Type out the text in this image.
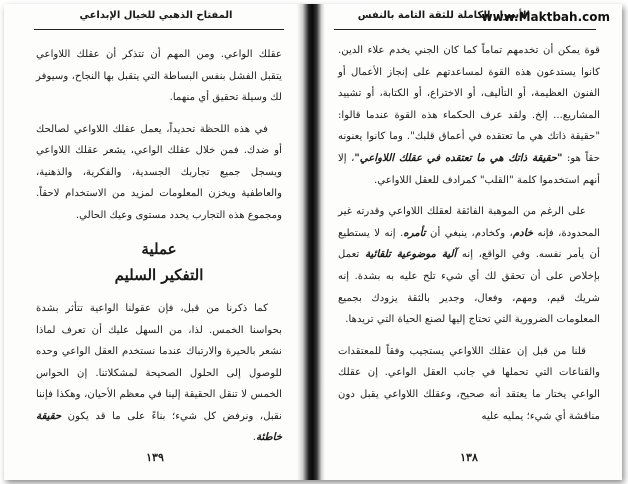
المفتاح الذهبي للخيال الإبداعي

عقلك الواعي. ومن المهم أن تتذكر أن عقلك اللاواعي يتقبل الفشل بنفس البساطة التي يتقبل بها النجاح، وسيوفر لك وسيلة تحقيق أي منهما.

في هذه اللحظة تحديداً، يعمل عقلك اللاواعي لصالحك أو ضدك. فمن خلال عقلك الواعي، يشعر عقلك اللاواعي ويسجل جميع تجاربك الجسدية، والفكرية، والذهنية، والعاطفية ويخزن المعلومات لمزيد من الاستخدام لاحقاً. ومجموع هذه التجارب يحدد مستوى وعيك الحالي.

عملية
التفكير السليم

كما ذكرنا من قبل، فإن عقولنا الواعية تتأثر بشدة بحواسنا الخمس. لذا، من السهل عليك أن تعرف لماذا نشعر بالحيرة والارتباك عندما نستخدم العقل الواعي وحده للوصول إلى الحلول الصحيحة لمشكلاتنا. إن الحواس الخمس لا تنقل الحقيقة إلينا في معظم الأحيان، وهكذا فإننا نقبل، ونرفض كل شيء؛ بناءً على ما قد يكون حقيقة خاطئة.

١٣٩
الأسرار الكاملة للثقة التامة بالنفس
www.Maktbah.com

قوة يمكن أن تخدمهم تماماً كما كان الجني يخدم علاء الدين. كانوا يستدعون هذه القوة لمساعدتهم على إنجاز الأعمال أو الفنون العظيمة، أو التأليف، أو الاختراع، أو الكتابة، أو تشييد المشاريع... إلخ. ولقد عرف الحكماء هذه القوة عندما قالوا: "حقيقة ذاتك هي ما تعتقده في أعماق قلبك". وما كانوا يعنونه حقاً هو: "حقيقة ذاتك هي ما تعتقده في عقلك اللاواعي"، إلا أنهم استخدموا كلمة "القلب" كمرادف للعقل اللاواعي.

على الرغم من الموهبة الفائقة لعقلك اللاواعي وقدرته غير المحدودة، فإنه خادم، وكخادم، ينبغي أن تأمره. إنه لا يستطيع أن يأمر نفسه. وفي الواقع، إنه آلية موضوعية تلقائية تعمل بإخلاص على أن تحقق لك أي شيء تلح عليه به بشدة. إنه شريك قيم، ومهم، وفعال، وجدير بالثقة يزودك بجميع المعلومات الضرورية التي تحتاج إليها لصنع الحياة التي تريدها.

قلنا من قبل إن عقلك اللاواعي يستجيب وفقاً للمعتقدات والقناعات التي تحملها في جانب العقل الواعي. إن عقلك الواعي يختار ما يعتقد أنه صحيح، وعقلك اللاواعي يقبل دون مناقشة أي شيء؛ يمليه عليه

١٣٨
